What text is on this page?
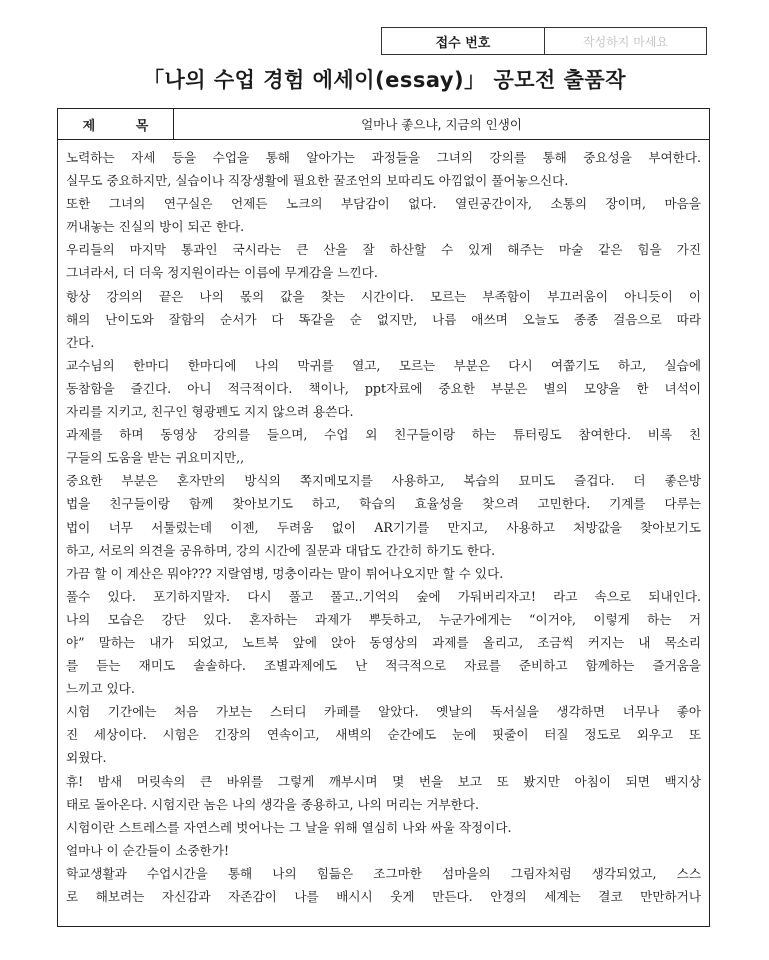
접수 번호	작성하지 마세요
「나의 수업 경험 에세이(essay)」 공모전 출품작
제 목	얼마나 좋으냐, 지금의 인생이
노력하는 자세 등을 수업을 통해 알아가는 과정들을 그녀의 강의를 통해 중요성을 부여한다.
실무도 중요하지만, 실습이나 직장생활에 필요한 꿀조언의 보따리도 아낌없이 풀어놓으신다.
또한 그녀의 연구실은 언제든 노크의 부담감이 없다. 열린공간이자, 소통의 장이며, 마음을
꺼내놓는 진실의 방이 되곤 한다.
우리들의 마지막 통과인 국시라는 큰 산을 잘 하산할 수 있게 해주는 마술 같은 힘을 가진
그녀라서, 더 더욱 정지원이라는 이름에 무게감을 느낀다.
항상 강의의 끝은 나의 몫의 값을 찾는 시간이다. 모르는 부족함이 부끄러움이 아니듯이 이
해의 난이도와 잘함의 순서가 다 똑같을 순 없지만, 나름 애쓰며 오늘도 종종 걸음으로 따라
간다.
교수님의 한마디 한마디에 나의 막귀를 열고, 모르는 부분은 다시 여쭙기도 하고, 실습에
동참함을 즐긴다. 아니 적극적이다. 책이나, ppt자료에 중요한 부분은 별의 모양을 한 녀석이
자리를 지키고, 친구인 형광펜도 지지 않으려 용쓴다.
과제를 하며 동영상 강의를 들으며, 수업 외 친구들이랑 하는 튜터링도 참여한다. 비록 친
구들의 도움을 받는 귀요미지만,,
중요한 부분은 혼자만의 방식의 쪽지메모지를 사용하고, 복습의 묘미도 즐겁다. 더 좋은방
법을 친구들이랑 함께 찾아보기도 하고, 학습의 효율성을 찾으려 고민한다. 기계를 다루는
법이 너무 서툴렀는데 이젠, 두려움 없이 AR기기를 만지고, 사용하고 처방값을 찾아보기도
하고, 서로의 의견을 공유하며, 강의 시간에 질문과 대답도 간간히 하기도 한다.
가끔 할 이 계산은 뭐야??? 지랄염병, 멍충이라는 말이 튀어나오지만 할 수 있다.
풀수 있다. 포기하지말자. 다시 풀고 풀고..기억의 숲에 가둬버리자고! 라고 속으로 되내인다.
나의 모습은 강단 있다. 혼자하는 과제가 뿌듯하고, 누군가에게는 “이거야, 이렇게 하는 거
야” 말하는 내가 되었고, 노트북 앞에 앉아 동영상의 과제를 올리고, 조금씩 커지는 내 목소리
를 듣는 재미도 솔솔하다. 조별과제에도 난 적극적으로 자료를 준비하고 함께하는 즐거움을
느끼고 있다.
시험 기간에는 처음 가보는 스터디 카페를 알았다. 옛날의 독서실을 생각하면 너무나 좋아
진 세상이다. 시험은 긴장의 연속이고, 새벽의 순간에도 눈에 핏줄이 터질 정도로 외우고 또
외웠다.
휴! 밤새 머릿속의 큰 바위를 그렇게 깨부시며 몇 번을 보고 또 봤지만 아침이 되면 백지상
태로 돌아온다. 시험지란 놈은 나의 생각을 종용하고, 나의 머리는 거부한다.
시험이란 스트레스를 자연스레 벗어나는 그 날을 위해 열심히 나와 싸울 작정이다.
얼마나 이 순간들이 소중한가!
학교생활과 수업시간을 통해 나의 힘듦은 조그마한 섬마을의 그림자처럼 생각되었고, 스스
로 해보려는 자신감과 자존감이 나를 배시시 웃게 만든다. 안경의 세계는 결코 만만하거나
